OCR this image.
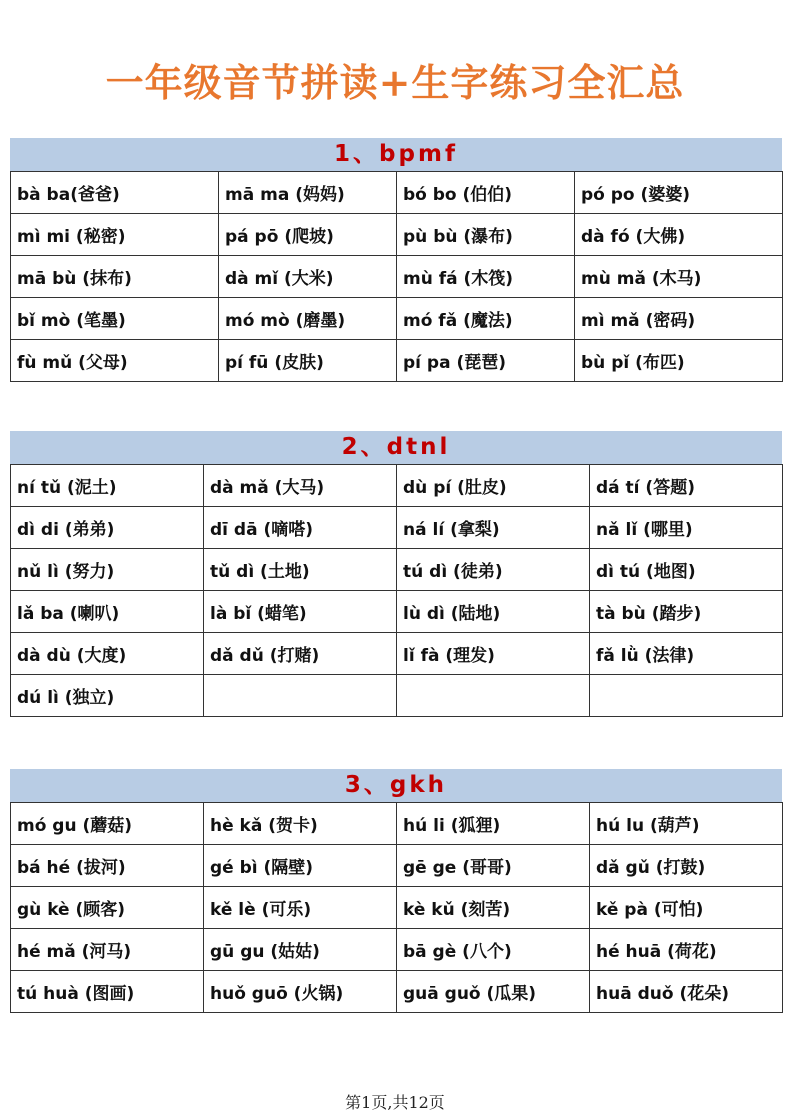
一年级音节拼读+生字练习全汇总
1、bpmf
bà ba(爸爸)	mā ma (妈妈)	bó bo (伯伯)	pó po (婆婆)
mì mi (秘密)	pá pō (爬坡)	pù bù (瀑布)	dà fó (大佛)
mā bù (抹布)	dà mǐ (大米)	mù fá (木筏)	mù mǎ (木马)
bǐ mò (笔墨)	mó mò (磨墨)	mó fǎ (魔法)	mì mǎ (密码)
fù mǔ (父母)	pí fū (皮肤)	pí pa (琵琶)	bù pǐ (布匹)
2、dtnl
ní tǔ (泥土)	dà mǎ (大马)	dù pí (肚皮)	dá tí (答题)
dì di (弟弟)	dī dā (嘀嗒)	ná lí (拿梨)	nǎ lǐ (哪里)
nǔ lì (努力)	tǔ dì (土地)	tú dì (徒弟)	dì tú (地图)
lǎ ba (喇叭)	là bǐ (蜡笔)	lù dì (陆地)	tà bù (踏步)
dà dù (大度)	dǎ dǔ (打赌)	lǐ fà (理发)	fǎ lǜ (法律)
dú lì (独立)			
3、gkh
mó gu (蘑菇)	hè kǎ (贺卡)	hú li (狐狸)	hú lu (葫芦)
bá hé (拔河)	gé bì (隔壁)	gē ge (哥哥)	dǎ gǔ (打鼓)
gù kè (顾客)	kě lè (可乐)	kè kǔ (刻苦)	kě pà (可怕)
hé mǎ (河马)	gū gu (姑姑)	bā gè (八个)	hé huā (荷花)
tú huà (图画)	huǒ guō (火锅)	guā guǒ (瓜果)	huā duǒ (花朵)
第1页,共12页
